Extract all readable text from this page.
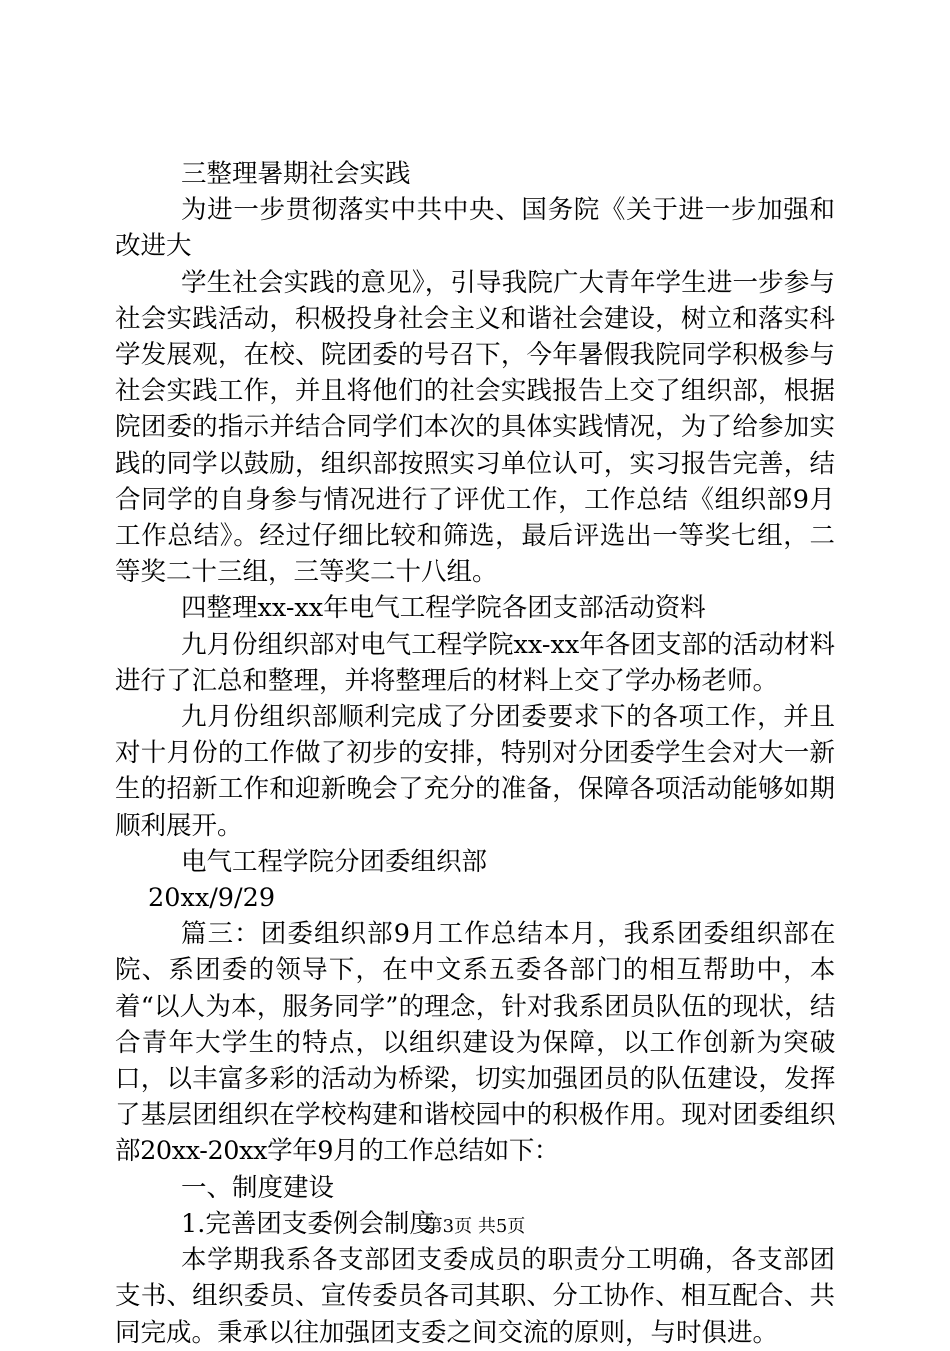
三整理暑期社会实践

为进一步贯彻落实中共中央、国务院《关于进一步加强和改进大

学生社会实践的意见》，引导我院广大青年学生进一步参与社会实践活动，积极投身社会主义和谐社会建设，树立和落实科学发展观，在校、院团委的号召下，今年暑假我院同学积极参与社会实践工作，并且将他们的社会实践报告上交了组织部，根据院团委的指示并结合同学们本次的具体实践情况，为了给参加实践的同学以鼓励，组织部按照实习单位认可，实习报告完善，结合同学的自身参与情况进行了评优工作，工作总结《组织部9月工作总结》。经过仔细比较和筛选，最后评选出一等奖七组，二等奖二十三组，三等奖二十八组。

四整理xx-xx年电气工程学院各团支部活动资料

九月份组织部对电气工程学院xx-xx年各团支部的活动材料进行了汇总和整理，并将整理后的材料上交了学办杨老师。

九月份组织部顺利完成了分团委要求下的各项工作，并且对十月份的工作做了初步的安排，特别对分团委学生会对大一新生的招新工作和迎新晚会了充分的准备，保障各项活动能够如期顺利展开。

电气工程学院分团委组织部

20xx/9/29

篇三：团委组织部9月工作总结本月，我系团委组织部在院、系团委的领导下，在中文系五委各部门的相互帮助中，本着“以人为本，服务同学”的理念，针对我系团员队伍的现状，结合青年大学生的特点，以组织建设为保障，以工作创新为突破口，以丰富多彩的活动为桥梁，切实加强团员的队伍建设，发挥了基层团组织在学校构建和谐校园中的积极作用。现对团委组织部20xx-20xx学年9月的工作总结如下：

一、制度建设

1.完善团支委例会制度

本学期我系各支部团支委成员的职责分工明确，各支部团支书、组织委员、宣传委员各司其职、分工协作、相互配合、共同完成。秉承以往加强团支委之间交流的原则，与时俱进。

第3页 共5页
